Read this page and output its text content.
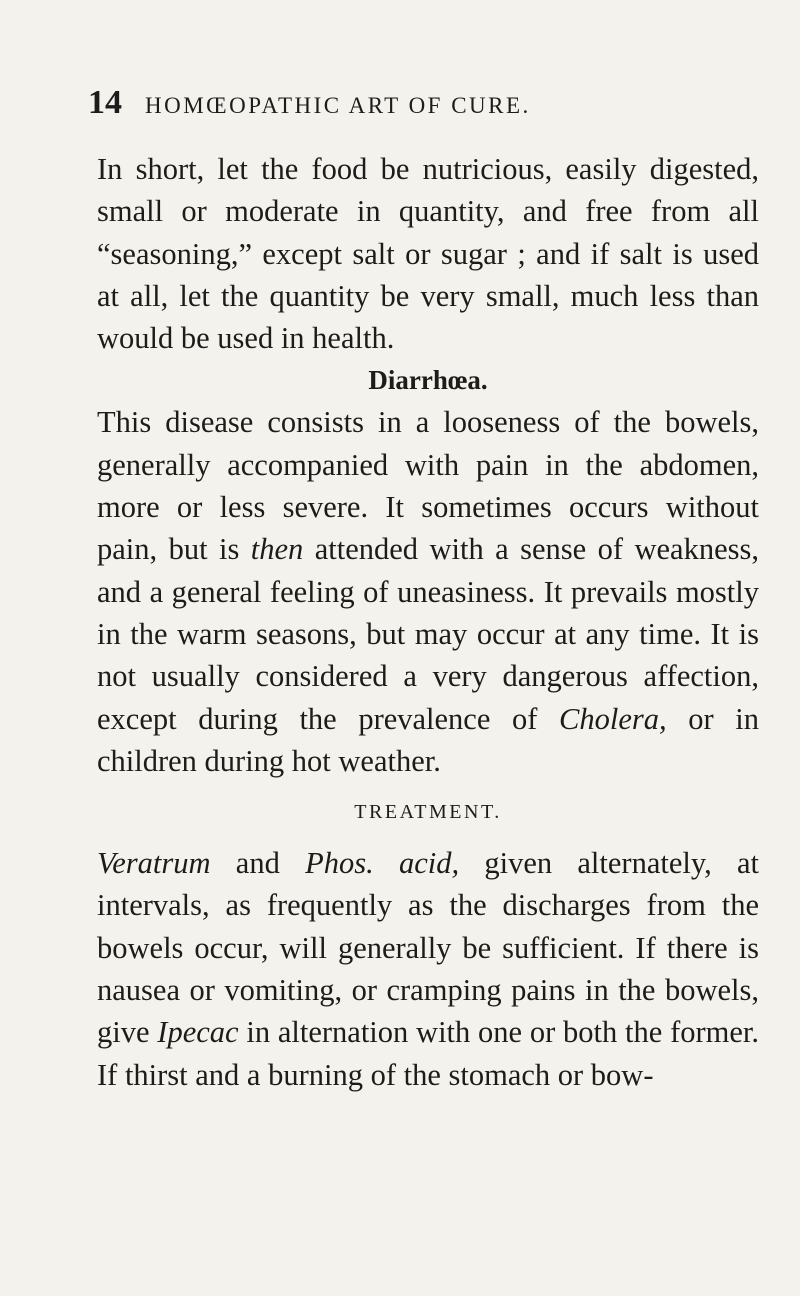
14	HOMŒOPATHIC ART OF CURE.

In short, let the food be nutricious, easily digested, small or moderate in quantity, and free from all “seasoning,” except salt or sugar ; and if salt is used at all, let the quantity be very small, much less than would be used in health.

Diarrhœa.

This disease consists in a looseness of the bowels, generally accompanied with pain in the abdomen, more or less severe. It sometimes occurs without pain, but is then attended with a sense of weakness, and a general feeling of uneasiness. It prevails mostly in the warm seasons, but may occur at any time. It is not usually considered a very dangerous affection, except during the prevalence of Cholera, or in children during hot weather.

TREATMENT.

Veratrum and Phos. acid, given alternately, at intervals, as frequently as the discharges from the bowels occur, will generally be sufficient. If there is nausea or vomiting, or cramping pains in the bowels, give Ipecac in alternation with one or both the former. If thirst and a burning of the stomach or bow-
